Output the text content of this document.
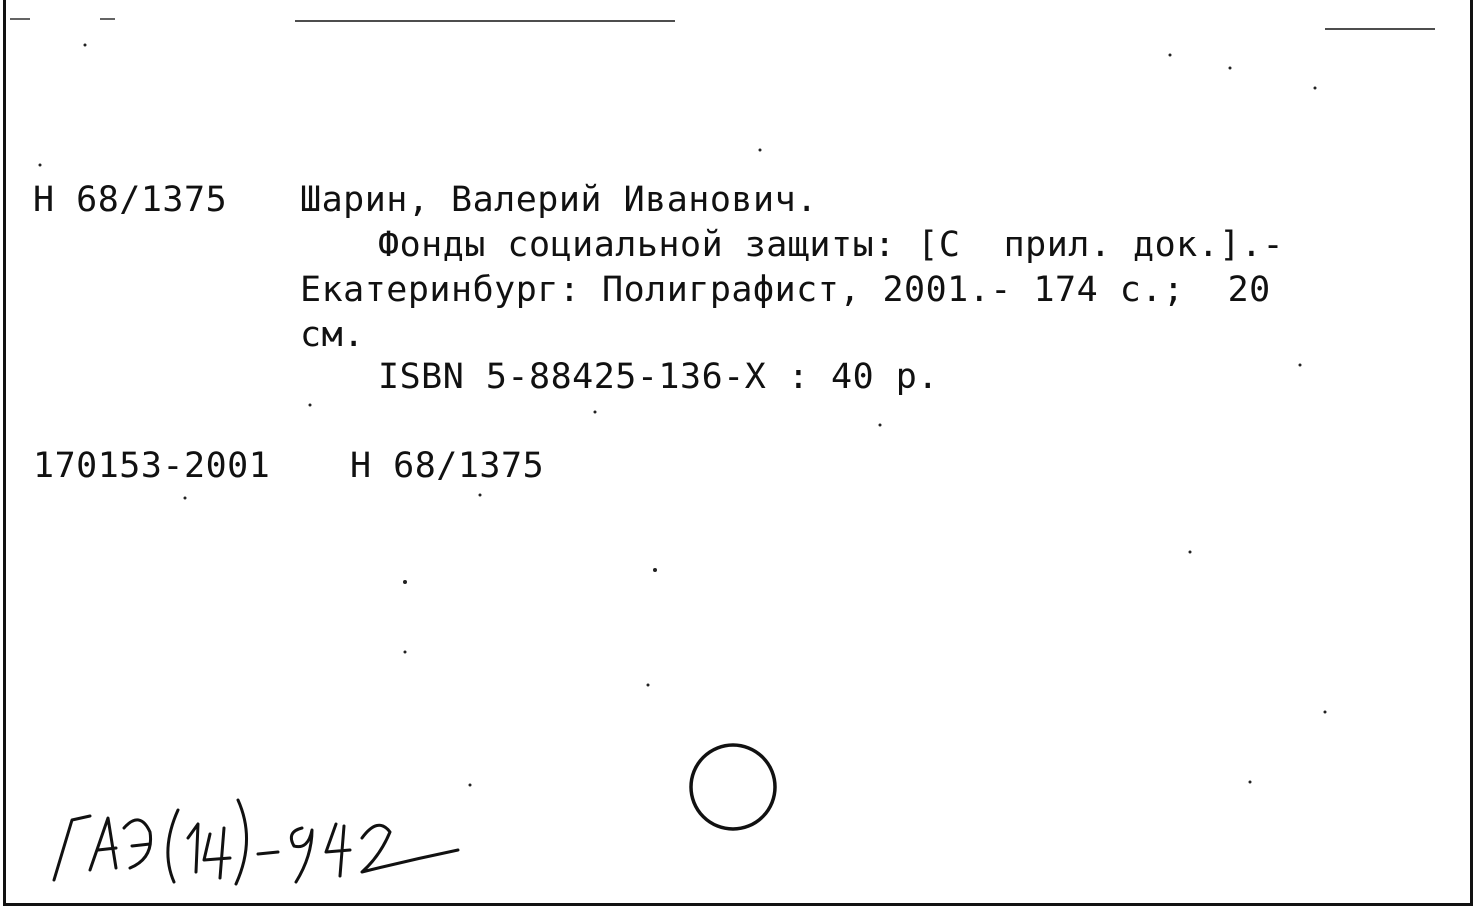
Н 68/1375 Шарин, Валерий Иванович.
Фонды социальной защиты: [С  прил. док.].-
Екатеринбург: Полиграфист, 2001.- 174 с.;  20
см.
ISBN 5-88425-136-X : 40 р.
170153-2001 Н 68/1375
